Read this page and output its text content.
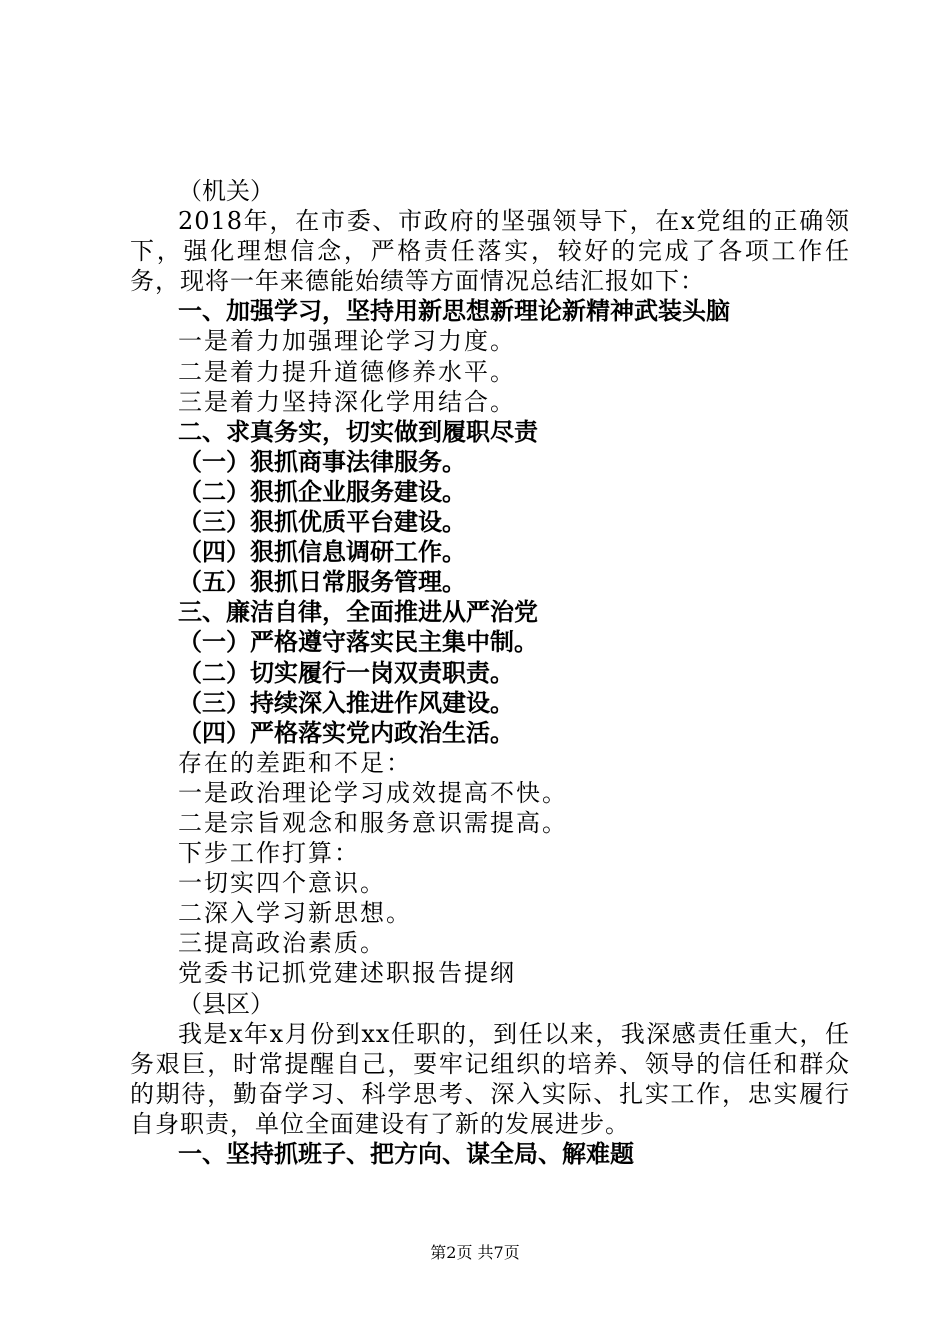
（机关）
2018年，在市委、市政府的坚强领导下，在x党组的正确领下，强化理想信念，严格责任落实，较好的完成了各项工作任务，现将一年来德能始绩等方面情况总结汇报如下：
一、加强学习，坚持用新思想新理论新精神武装头脑
一是着力加强理论学习力度。
二是着力提升道德修养水平。
三是着力坚持深化学用结合。
二、求真务实，切实做到履职尽责
（一）狠抓商事法律服务。
（二）狠抓企业服务建设。
（三）狠抓优质平台建设。
（四）狠抓信息调研工作。
（五）狠抓日常服务管理。
三、廉洁自律，全面推进从严治党
（一）严格遵守落实民主集中制。
（二）切实履行一岗双责职责。
（三）持续深入推进作风建设。
（四）严格落实党内政治生活。
存在的差距和不足：
一是政治理论学习成效提高不快。
二是宗旨观念和服务意识需提高。
下步工作打算：
一切实四个意识。
二深入学习新思想。
三提高政治素质。
党委书记抓党建述职报告提纲
（县区）
我是x年x月份到xx任职的，到任以来，我深感责任重大，任务艰巨，时常提醒自己，要牢记组织的培养、领导的信任和群众的期待，勤奋学习、科学思考、深入实际、扎实工作，忠实履行自身职责，单位全面建设有了新的发展进步。
一、坚持抓班子、把方向、谋全局、解难题
第2页 共7页
